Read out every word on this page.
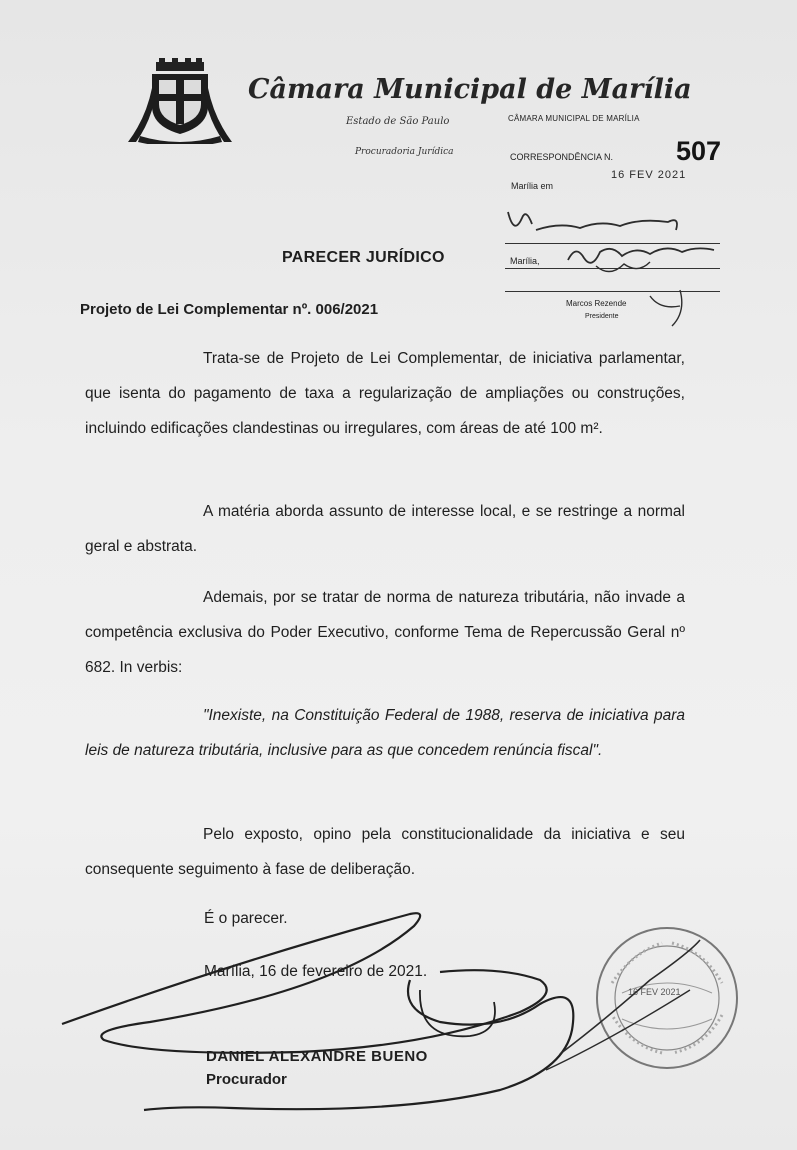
Câmara Municipal de Marília
Estado de São Paulo
Procuradoria Jurídica
CÂMARA MUNICIPAL DE MARÍLIA
CORRESPONDÊNCIA N. 507
Marília em
16 FEV 2021
Marília,
Marcos Rezende
Presidente
PARECER JURÍDICO
Projeto de Lei Complementar nº. 006/2021

Trata-se de Projeto de Lei Complementar, de iniciativa parlamentar, que isenta do pagamento de taxa a regularização de ampliações ou construções, incluindo edificações clandestinas ou irregulares, com áreas de até 100 m².

A matéria aborda assunto de interesse local, e se restringe a normal geral e abstrata.

Ademais, por se tratar de norma de natureza tributária, não invade a competência exclusiva do Poder Executivo, conforme Tema de Repercussão Geral nº 682. In verbis:

"Inexiste, na Constituição Federal de 1988, reserva de iniciativa para leis de natureza tributária, inclusive para as que concedem renúncia fiscal".

Pelo exposto, opino pela constitucionalidade da iniciativa e seu consequente seguimento à fase de deliberação.

É o parecer.

Marília, 16 de fevereiro de 2021.

DANIEL ALEXANDRE BUENO
Procurador
16 FEV 2021
